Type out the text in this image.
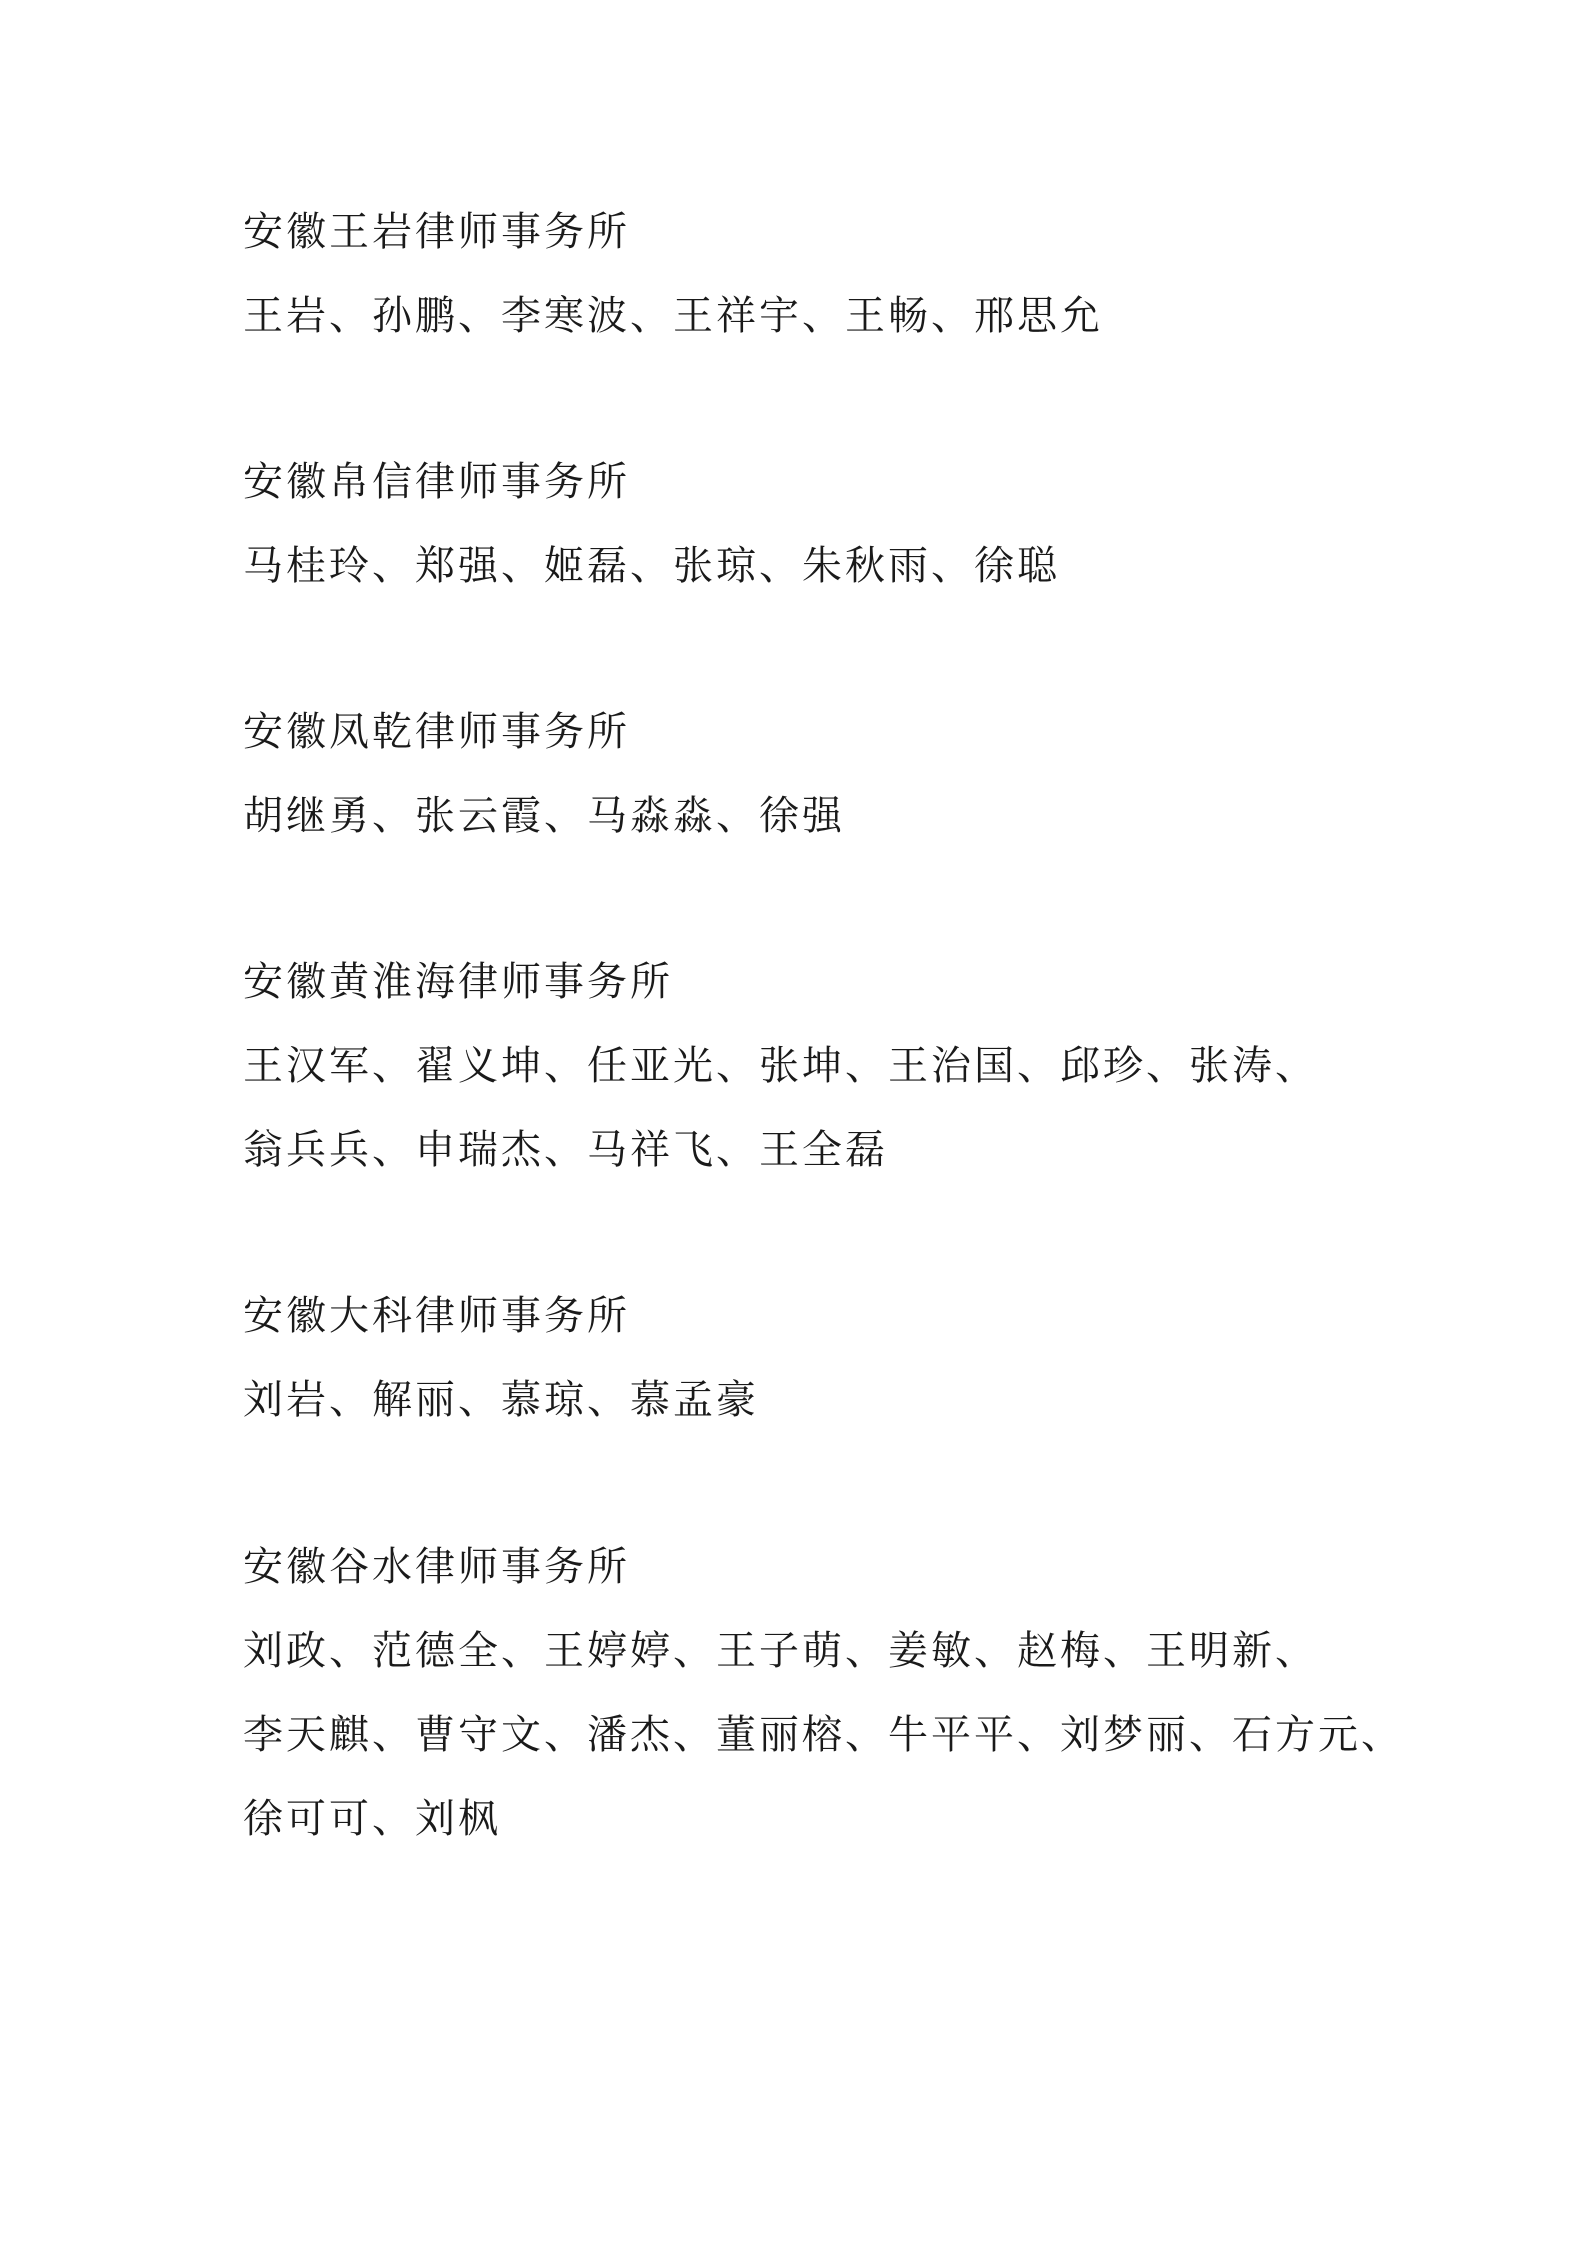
安徽王岩律师事务所

王岩、孙鹏、李寒波、王祥宇、王畅、邢思允

安徽帛信律师事务所

马桂玲、郑强、姬磊、张琼、朱秋雨、徐聪

安徽凤乾律师事务所

胡继勇、张云霞、马淼淼、徐强

安徽黄淮海律师事务所

王汉军、翟义坤、任亚光、张坤、王治国、邱珍、张涛、

翁兵兵、申瑞杰、马祥飞、王全磊

安徽大科律师事务所

刘岩、解丽、慕琼、慕孟豪

安徽谷水律师事务所

刘政、范德全、王婷婷、王子萌、姜敏、赵梅、王明新、

李天麒、曹守文、潘杰、董丽榕、牛平平、刘梦丽、石方元、

徐可可、刘枫
